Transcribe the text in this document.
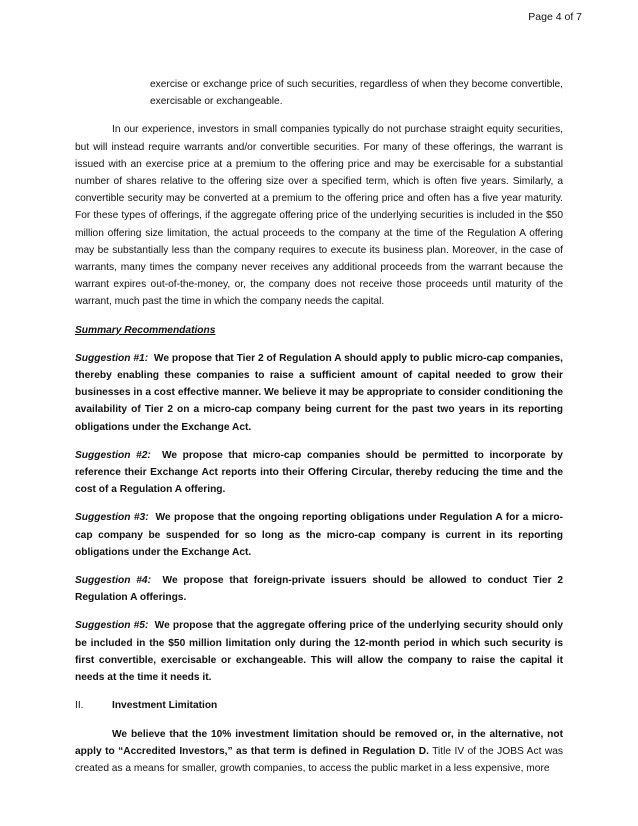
Page 4 of 7

exercise or exchange price of such securities, regardless of when they become convertible, exercisable or exchangeable.

In our experience, investors in small companies typically do not purchase straight equity securities, but will instead require warrants and/or convertible securities. For many of these offerings, the warrant is issued with an exercise price at a premium to the offering price and may be exercisable for a substantial number of shares relative to the offering size over a specified term, which is often five years. Similarly, a convertible security may be converted at a premium to the offering price and often has a five year maturity. For these types of offerings, if the aggregate offering price of the underlying securities is included in the $50 million offering size limitation, the actual proceeds to the company at the time of the Regulation A offering may be substantially less than the company requires to execute its business plan. Moreover, in the case of warrants, many times the company never receives any additional proceeds from the warrant because the warrant expires out-of-the-money, or, the company does not receive those proceeds until maturity of the warrant, much past the time in which the company needs the capital.

Summary Recommendations

Suggestion #1: We propose that Tier 2 of Regulation A should apply to public micro-cap companies, thereby enabling these companies to raise a sufficient amount of capital needed to grow their businesses in a cost effective manner. We believe it may be appropriate to consider conditioning the availability of Tier 2 on a micro-cap company being current for the past two years in its reporting obligations under the Exchange Act.

Suggestion #2: We propose that micro-cap companies should be permitted to incorporate by reference their Exchange Act reports into their Offering Circular, thereby reducing the time and the cost of a Regulation A offering.

Suggestion #3: We propose that the ongoing reporting obligations under Regulation A for a micro-cap company be suspended for so long as the micro-cap company is current in its reporting obligations under the Exchange Act.

Suggestion #4: We propose that foreign-private issuers should be allowed to conduct Tier 2 Regulation A offerings.

Suggestion #5: We propose that the aggregate offering price of the underlying security should only be included in the $50 million limitation only during the 12-month period in which such security is first convertible, exercisable or exchangeable. This will allow the company to raise the capital it needs at the time it needs it.

II.	Investment Limitation

We believe that the 10% investment limitation should be removed or, in the alternative, not apply to “Accredited Investors,” as that term is defined in Regulation D. Title IV of the JOBS Act was created as a means for smaller, growth companies, to access the public market in a less expensive, more
